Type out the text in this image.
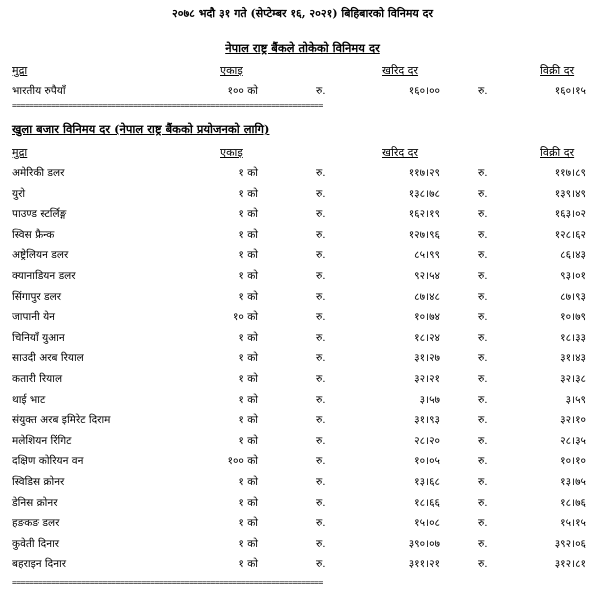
२०७८ भदौ ३१ गते (सेप्टेम्बर १६, २०२१) बिहिबारको विनिमय दर
नेपाल राष्ट्र बैंकले तोकेको विनिमय दर
मुद्रा	एकाइ	खरिद दर	विक्री दर
भारतीय रुपैयाँ	१०० को	रु.	१६०।००	रु.	१६०।१५
========================================================================
खुला बजार विनिमय दर (नेपाल राष्ट्र बैंकको प्रयोजनको लागि)
मुद्रा	एकाइ	खरिद दर	विक्री दर
अमेरिकी डलर	१ को	रु.	११७।२९	रु.	११७।८९
युरो	१ को	रु.	१३८।७८	रु.	१३९।४९
पाउण्ड स्टर्लिङ्ग	१ को	रु.	१६२।१९	रु.	१६३।०२
स्विस फ्रैन्क	१ को	रु.	१२७।९६	रु.	१२८।६२
अष्ट्रेलियन डलर	१ को	रु.	८५।९९	रु.	८६।४३
क्यानाडियन डलर	१ को	रु.	९२।५४	रु.	९३।०१
सिंगापुर डलर	१ को	रु.	८७।४८	रु.	८७।९३
जापानी येन	१० को	रु.	१०।७४	रु.	१०।७९
चिनियाँ युआन	१ को	रु.	१८।२४	रु.	१८।३३
साउदी अरब रियाल	१ को	रु.	३१।२७	रु.	३१।४३
कतारी रियाल	१ को	रु.	३२।२१	रु.	३२।३८
थाई भाट	१ को	रु.	३।५७	रु.	३।५९
संयुक्त अरब इमिरेट दिराम	१ को	रु.	३१।९३	रु.	३२।१०
मलेशियन रिंगिट	१ को	रु.	२८।२०	रु.	२८।३५
दक्षिण कोरियन वन	१०० को	रु.	१०।०५	रु.	१०।१०
स्विडिस क्रोनर	१ को	रु.	१३।६८	रु.	१३।७५
डेनिस क्रोनर	१ को	रु.	१८।६६	रु.	१८।७६
हङकङ डलर	१ को	रु.	१५।०८	रु.	१५।१५
कुवेती दिनार	१ को	रु.	३९०।०७	रु.	३९२।०६
बहराइन दिनार	१ को	रु.	३११।२१	रु.	३१२।८१
========================================================================
